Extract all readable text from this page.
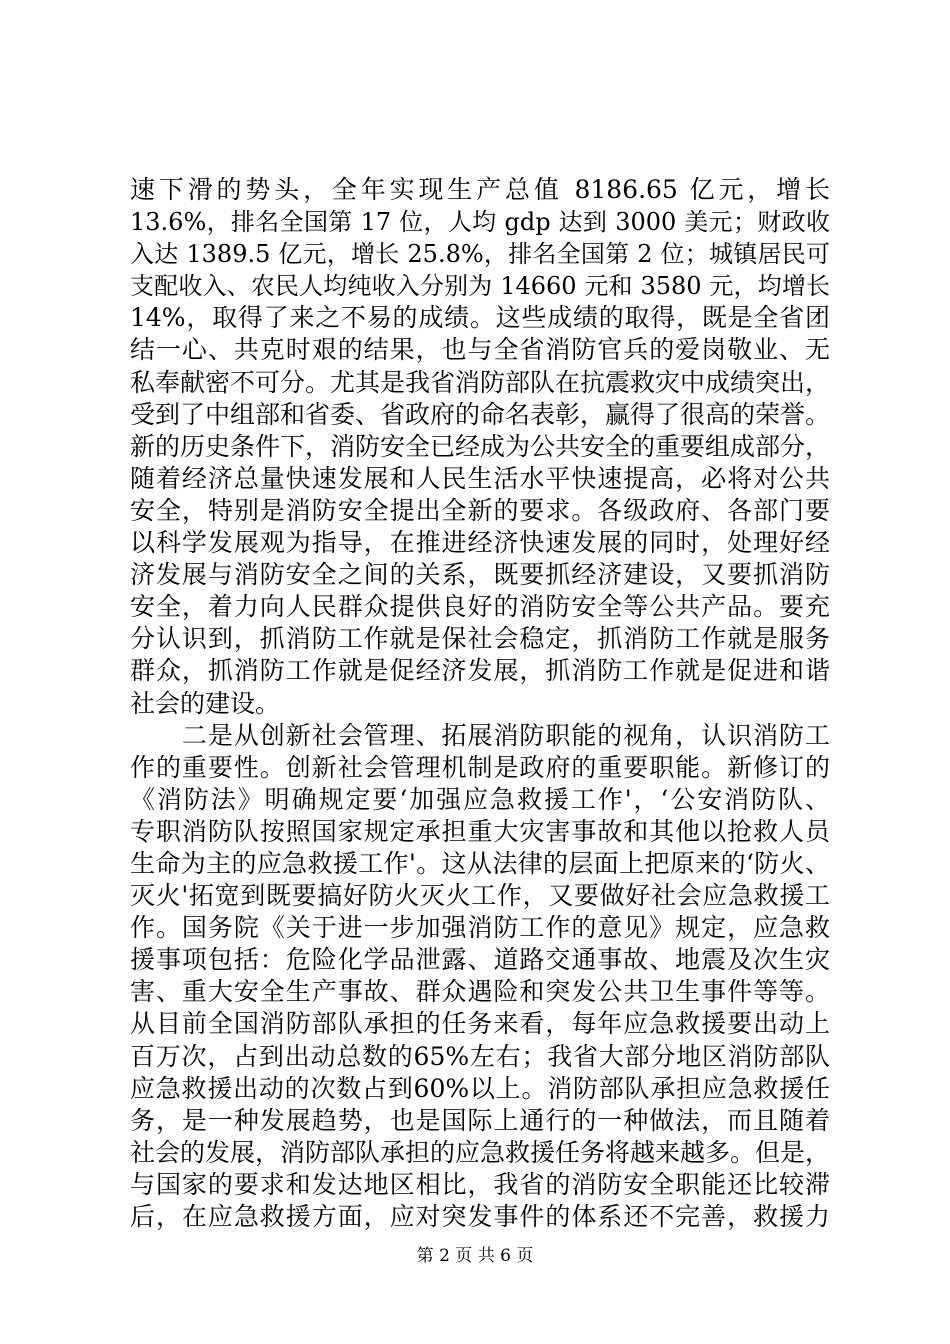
速下滑的势头，全年实现生产总值 8186.65 亿元，增长
13.6%，排名全国第 17 位，人均 gdp 达到 3000 美元；财政收
入达 1389.5 亿元，增长 25.8%，排名全国第 2 位；城镇居民可
支配收入、农民人均纯收入分别为 14660 元和 3580 元，均增长
14%，取得了来之不易的成绩。这些成绩的取得，既是全省团
结一心、共克时艰的结果，也与全省消防官兵的爱岗敬业、无
私奉献密不可分。尤其是我省消防部队在抗震救灾中成绩突出，
受到了中组部和省委、省政府的命名表彰，赢得了很高的荣誉。
新的历史条件下，消防安全已经成为公共安全的重要组成部分，
随着经济总量快速发展和人民生活水平快速提高，必将对公共
安全，特别是消防安全提出全新的要求。各级政府、各部门要
以科学发展观为指导，在推进经济快速发展的同时，处理好经
济发展与消防安全之间的关系，既要抓经济建设，又要抓消防
安全，着力向人民群众提供良好的消防安全等公共产品。要充
分认识到，抓消防工作就是保社会稳定，抓消防工作就是服务
群众，抓消防工作就是促经济发展，抓消防工作就是促进和谐
社会的建设。
　　二是从创新社会管理、拓展消防职能的视角，认识消防工
作的重要性。创新社会管理机制是政府的重要职能。新修订的
《消防法》明确规定要‘加强应急救援工作'，‘公安消防队、
专职消防队按照国家规定承担重大灾害事故和其他以抢救人员
生命为主的应急救援工作'。这从法律的层面上把原来的‘防火、
灭火'拓宽到既要搞好防火灭火工作，又要做好社会应急救援工
作。国务院《关于进一步加强消防工作的意见》规定，应急救
援事项包括：危险化学品泄露、道路交通事故、地震及次生灾
害、重大安全生产事故、群众遇险和突发公共卫生事件等等。
从目前全国消防部队承担的任务来看，每年应急救援要出动上
百万次，占到出动总数的65%左右；我省大部分地区消防部队
应急救援出动的次数占到60%以上。消防部队承担应急救援任
务，是一种发展趋势，也是国际上通行的一种做法，而且随着
社会的发展，消防部队承担的应急救援任务将越来越多。但是，
与国家的要求和发达地区相比，我省的消防安全职能还比较滞
后，在应急救援方面，应对突发事件的体系还不完善，救援力
第 2 页 共 6 页
